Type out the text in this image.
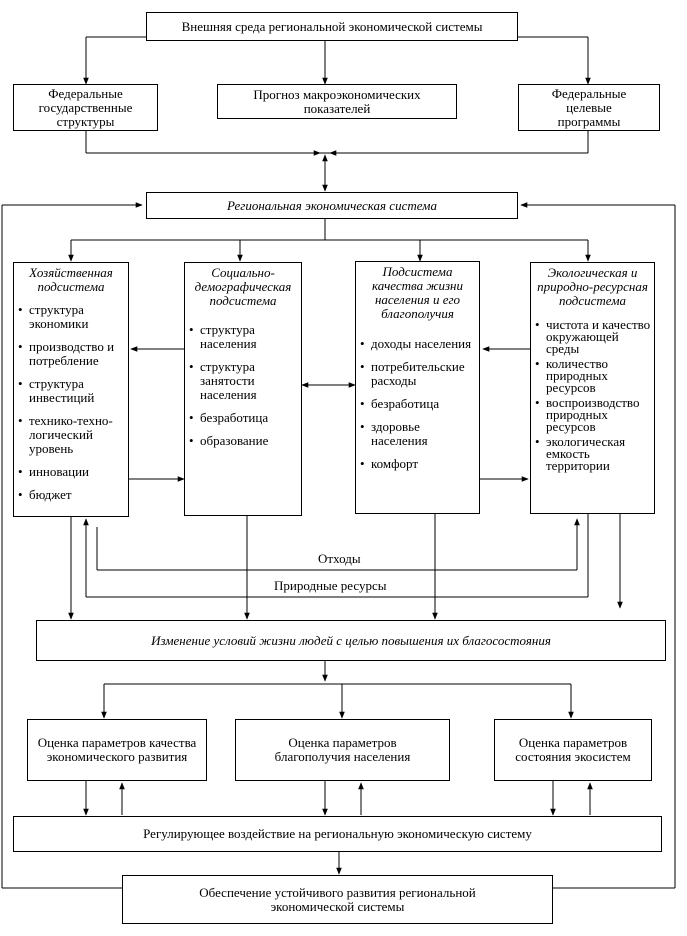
Внешняя среда региональной экономической системы
Федеральные государственные структуры
Прогноз макроэкономических показателей
Федеральные целевые программы
Региональная экономическая система
Хозяйственная подсистема
• структура экономики
• производство и потребление
• структура инвестиций
• технико-техно-логический уровень
• инновации
• бюджет
Социально-демографическая подсистема
• структура населения
• структура занятости населения
• безработица
• образование
Подсистема качества жизни населения и его благополучия
• доходы населения
• потребительские расходы
• безработица
• здоровье населения
• комфорт
Экологическая и природно-ресурсная подсистема
• чистота и качество окружающей среды
• количество природных ресурсов
• воспроизводство природных ресурсов
• экологическая емкость территории
Отходы
Природные ресурсы
Изменение условий жизни людей с целью повышения их благосостояния
Оценка параметров качества экономического развития
Оценка параметров благополучия населения
Оценка параметров состояния экосистем
Регулирующее воздействие на региональную экономическую систему
Обеспечение устойчивого развития региональной экономической системы
